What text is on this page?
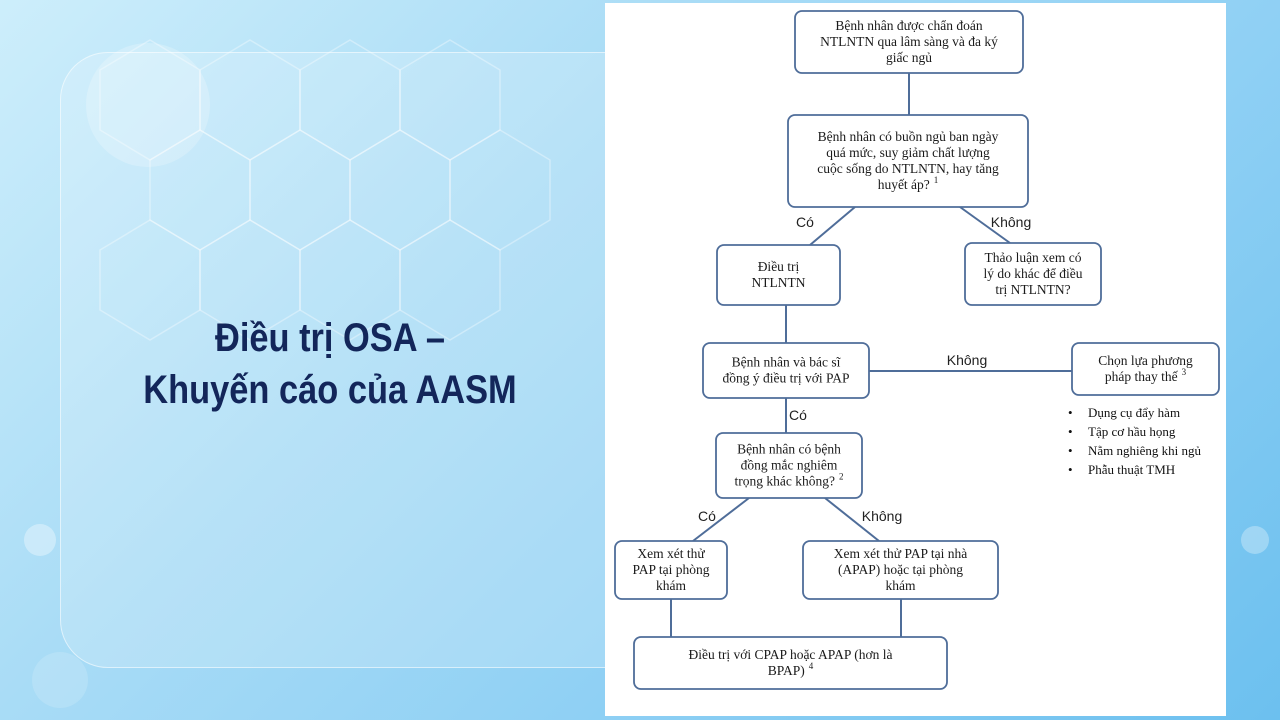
Điều trị OSA –
Khuyến cáo của AASM
Bệnh nhân được chẩn đoán
NTLNTN qua lâm sàng và đa ký
giấc ngủ
Bệnh nhân có buồn ngủ ban ngày
quá mức, suy giảm chất lượng
cuộc sống do NTLNTN, hay tăng
huyết áp? $^1$
Điều trị
NTLNTN
Thảo luận xem có
lý do khác để điều
trị NTLNTN?
Bệnh nhân và bác sĩ
đồng ý điều trị với PAP
Chọn lựa phương
pháp thay thế $^3$
Bệnh nhân có bệnh
đồng mắc nghiêm
trọng khác không? $^2$
Xem xét thử
PAP tại phòng
khám
Xem xét thử PAP tại nhà
(APAP) hoặc tại phòng
khám
Điều trị với CPAP hoặc APAP (hơn là
BPAP) $^4$
Có	Không
Không
Có
Có	Không
• Dụng cụ đẩy hàm
• Tập cơ hầu họng
• Nằm nghiêng khi ngủ
• Phẫu thuật TMH
